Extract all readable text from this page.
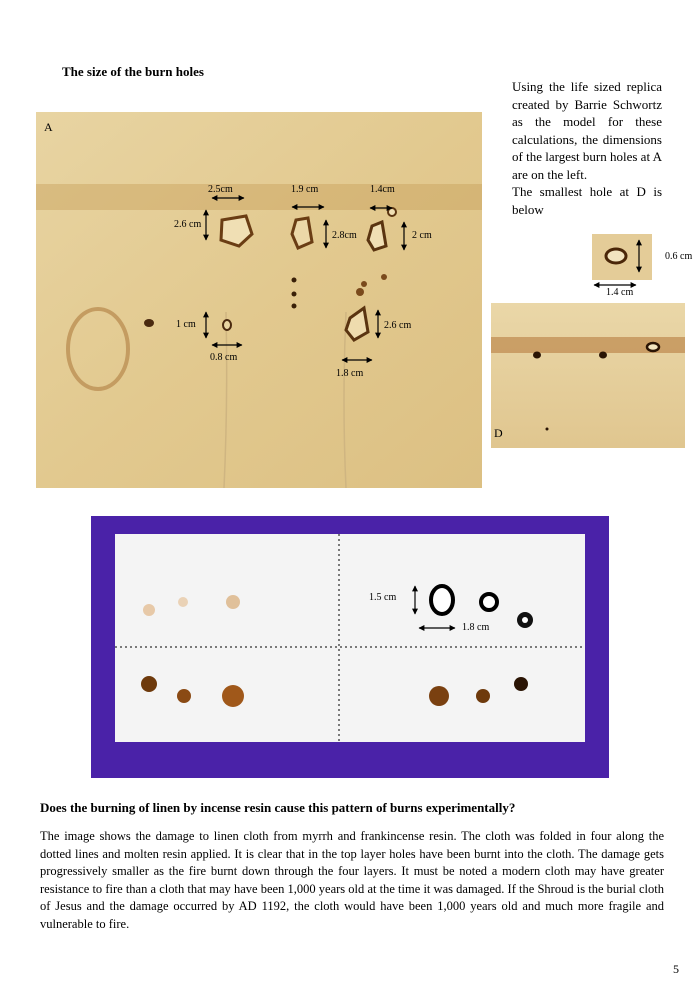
The size of the burn holes

Using the life sized replica created by Barrie Schwortz as the model for these calculations, the dimensions of the largest burn holes at A are on the left.

The smallest hole at D is below

A
2.5cm	1.9 cm	1.4cm
2.6 cm
2.8cm	2 cm
1 cm
0.8 cm
2.6 cm
1.8 cm
0.6 cm
1.4 cm
D
1.5 cm
1.8 cm
Does the burning of linen by incense resin cause this pattern of burns experimentally?
The image shows the damage to linen cloth from myrrh and frankincense resin. The cloth was folded in four along the dotted lines and molten resin applied. It is clear that in the top layer holes have been burnt into the cloth. The damage gets progressively smaller as the fire burnt down through the four layers. It must be noted a modern cloth may have greater resistance to fire than a cloth that may have been 1,000 years old at the time it was damaged. If the Shroud is the burial cloth of Jesus and the damage occurred by AD 1192, the cloth would have been 1,000 years old and much more fragile and vulnerable to fire.
5
